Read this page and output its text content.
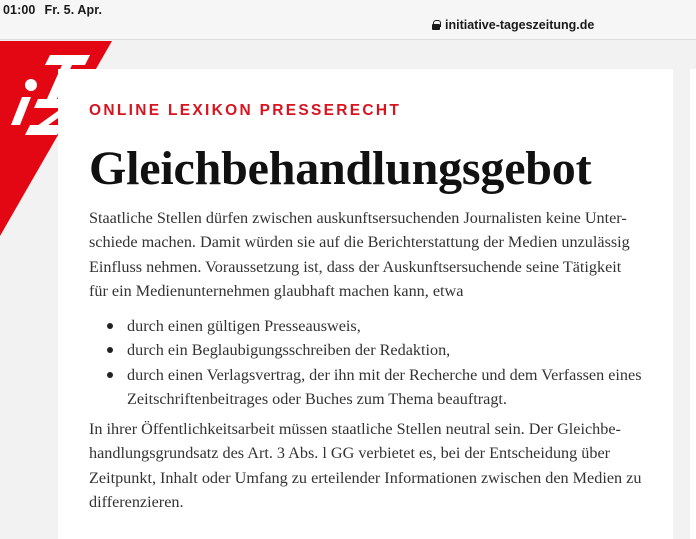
01:00 Fr. 5. Apr.
initiative-tageszeitung.de
ONLINE LEXIKON PRESSERECHT
Gleichbehandlungsgebot

Staatliche Stellen dürfen zwischen auskunftsersuchenden Journalisten keine Unter-
schiede machen. Damit würden sie auf die Berichterstattung der Medien unzulässig
Einfluss nehmen. Voraussetzung ist, dass der Auskunftsersuchende seine Tätigkeit
für ein Medienunternehmen glaubhaft machen kann, etwa

durch einen gültigen Presseausweis,
durch ein Beglaubigungsschreiben der Redaktion,
durch einen Verlagsvertrag, der ihn mit der Recherche und dem Verfassen eines
Zeitschriftenbeitrages oder Buches zum Thema beauftragt.

In ihrer Öffentlichkeitsarbeit müssen staatliche Stellen neutral sein. Der Gleichbe-
handlungsgrundsatz des Art. 3 Abs. l GG verbietet es, bei der Entscheidung über
Zeitpunkt, Inhalt oder Umfang zu erteilender Informationen zwischen den Medien zu
differenzieren.
